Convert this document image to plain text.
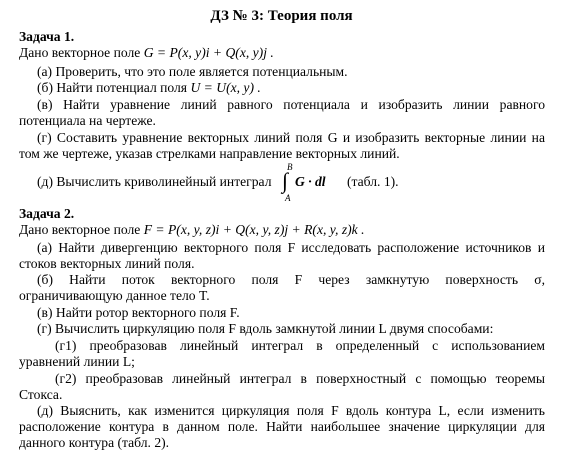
ДЗ № 3: Теория поля
Задача 1.
Дано векторное поле G = P(x, y)i + Q(x, y)j .
(а) Проверить, что это поле является потенциальным.
(б) Найти потенциал поля U = U(x, y) .
(в) Найти уравнение линий равного потенциала и изобразить линии равного
потенциала на чертеже.
(г) Составить уравнение векторных линий поля G и изобразить векторные линии на
том же чертеже, указав стрелками направление векторных линий.
(д) Вычислить криволинейный интеграл
B
∫
A
G · dl (табл. 1).
Задача 2.
Дано векторное поле F = P(x, y, z)i + Q(x, y, z)j + R(x, y, z)k .
(а) Найти дивергенцию векторного поля F исследовать расположение источников и
стоков векторных линий поля.
(б) Найти поток векторного поля F через замкнутую поверхность σ,
ограничивающую данное тело T.
(в) Найти ротор векторного поля F.
(г) Вычислить циркуляцию поля F вдоль замкнутой линии L двумя способами:
(г1) преобразовав линейный интеграл в определенный с использованием
уравнений линии L;
(г2) преобразовав линейный интеграл в поверхностный с помощью теоремы
Стокса.
(д) Выяснить, как изменится циркуляция поля F вдоль контура L, если изменить
расположение контура в данном поле. Найти наибольшее значение циркуляции для
данного контура (табл. 2).
